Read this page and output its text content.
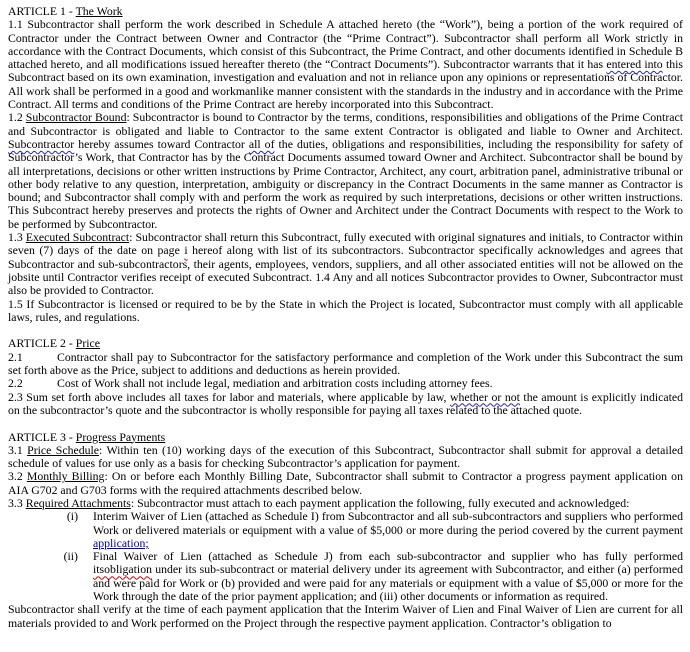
ARTICLE 1 - The Work

1.1 Subcontractor shall perform the work described in Schedule A attached hereto (the “Work”), being a portion of the work required of Contractor under the Contract between Owner and Contractor (the “Prime Contract”). Subcontractor shall perform all Work strictly in accordance with the Contract Documents, which consist of this Subcontract, the Prime Contract, and other documents identified in Schedule B attached hereto, and all modifications issued hereafter thereto (the “Contract Documents”). Subcontractor warrants that it has entered into this Subcontract based on its own examination, investigation and evaluation and not in reliance upon any opinions or representations of Contractor. All work shall be performed in a good and workmanlike manner consistent with the standards in the industry and in accordance with the Prime Contract. All terms and conditions of the Prime Contract are hereby incorporated into this Subcontract.

1.2 Subcontractor Bound: Subcontractor is bound to Contractor by the terms, conditions, responsibilities and obligations of the Prime Contract and Subcontractor is obligated and liable to Contractor to the same extent Contractor is obligated and liable to Owner and Architect. Subcontractor hereby assumes toward Contractor all of the duties, obligations and responsibilities, including the responsibility for safety of Subcontractor’s Work, that Contractor has by the Contract Documents assumed toward Owner and Architect. Subcontractor shall be bound by all interpretations, decisions or other written instructions by Prime Contractor, Architect, any court, arbitration panel, administrative tribunal or other body relative to any question, interpretation, ambiguity or discrepancy in the Contract Documents in the same manner as Contractor is bound; and Subcontractor shall comply with and perform the work as required by such interpretations, decisions or other written instructions. This Subcontract hereby preserves and protects the rights of Owner and Architect under the Contract Documents with respect to the Work to be performed by Subcontractor.

1.3 Executed Subcontract: Subcontractor shall return this Subcontract, fully executed with original signatures and initials, to Contractor within seven (7) days of the date on page i hereof along with list of its subcontractors. Subcontractor specifically acknowledges and agrees that Subcontractor and sub-subcontractors, their agents, employees, vendors, suppliers, and all other associated entities will not be allowed on the jobsite until Contractor verifies receipt of executed Subcontract. 1.4 Any and all notices Subcontractor provides to Owner, Subcontractor must also be provided to Contractor.

1.5 If Subcontractor is licensed or required to be by the State in which the Project is located, Subcontractor must comply with all applicable laws, rules, and regulations.

ARTICLE 2 - Price

2.1	Contractor shall pay to Subcontractor for the satisfactory performance and completion of the Work under this Subcontract the sum set forth above as the Price, subject to additions and deductions as herein provided.

2.2	Cost of Work shall not include legal, mediation and arbitration costs including attorney fees.

2.3 Sum set forth above includes all taxes for labor and materials, where applicable by law, whether or not the amount is explicitly indicated on the subcontractor’s quote and the subcontractor is wholly responsible for paying all taxes related to the attached quote.

ARTICLE 3 - Progress Payments

3.1 Price Schedule: Within ten (10) working days of the execution of this Subcontract, Subcontractor shall submit for approval a detailed schedule of values for use only as a basis for checking Subcontractor’s application for payment.

3.2 Monthly Billing: On or before each Monthly Billing Date, Subcontractor shall submit to Contractor a progress payment application on AIA G702 and G703 forms with the required attachments described below.

3.3 Required Attachments: Subcontractor must attach to each payment application the following, fully executed and acknowledged:

(i) Interim Waiver of Lien (attached as Schedule I) from Subcontractor and all sub-subcontractors and suppliers who performed Work or delivered materials or equipment with a value of $5,000 or more during the period covered by the current payment application;

(ii) Final Waiver of Lien (attached as Schedule J) from each sub-subcontractor and supplier who has fully performed itsobligation under its sub-subcontract or material delivery under its agreement with Subcontractor, and either (a) performed and were paid for Work or (b) provided and were paid for any materials or equipment with a value of $5,000 or more for the Work through the date of the prior payment application; and (iii) other documents or information as required.

Subcontractor shall verify at the time of each payment application that the Interim Waiver of Lien and Final Waiver of Lien are current for all materials provided to and Work performed on the Project through the respective payment application. Contractor’s obligation to
